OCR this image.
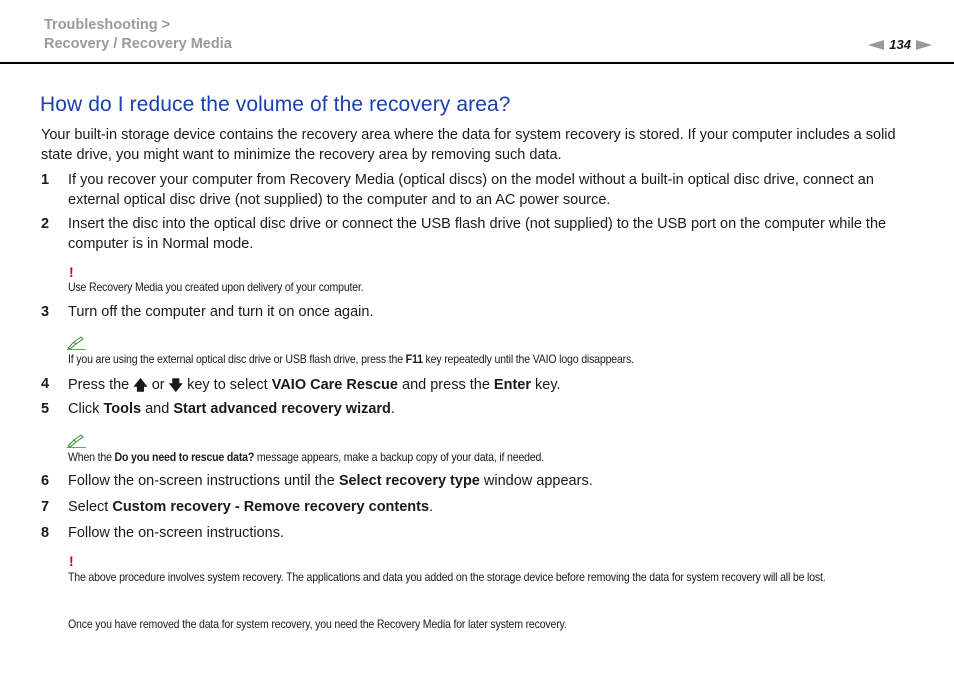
Troubleshooting >
Recovery / Recovery Media	134
How do I reduce the volume of the recovery area?

Your built-in storage device contains the recovery area where the data for system recovery is stored. If your computer includes a solid state drive, you might want to minimize the recovery area by removing such data.

1 If you recover your computer from Recovery Media (optical discs) on the model without a built-in optical disc drive, connect an external optical disc drive (not supplied) to the computer and to an AC power source.
2 Insert the disc into the optical disc drive or connect the USB flash drive (not supplied) to the USB port on the computer while the computer is in Normal mode.
!
Use Recovery Media you created upon delivery of your computer.
3 Turn off the computer and turn it on once again.
If you are using the external optical disc drive or USB flash drive, press the F11 key repeatedly until the VAIO logo disappears.
4 Press the 🡅 or 🡇 key to select VAIO Care Rescue and press the Enter key.
5 Click Tools and Start advanced recovery wizard.
When the Do you need to rescue data? message appears, make a backup copy of your data, if needed.
6 Follow the on-screen instructions until the Select recovery type window appears.
7 Select Custom recovery - Remove recovery contents.
8 Follow the on-screen instructions.
!
The above procedure involves system recovery. The applications and data you added on the storage device before removing the data for system recovery will all be lost.
Once you have removed the data for system recovery, you need the Recovery Media for later system recovery.
